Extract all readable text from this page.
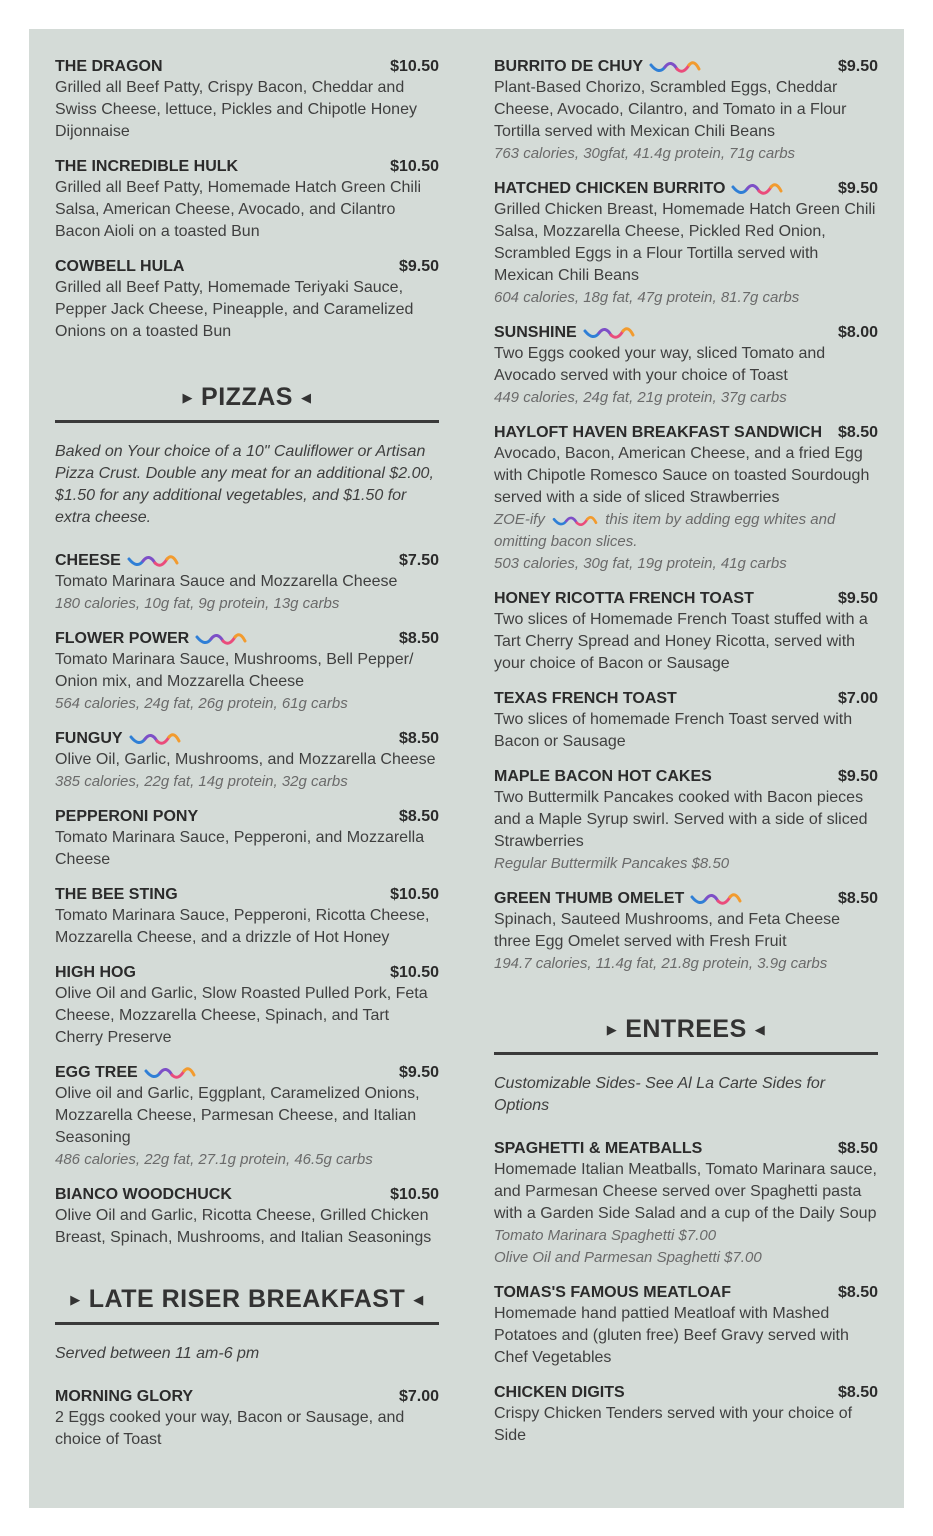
THE DRAGON	$10.50
Grilled all Beef Patty, Crispy Bacon, Cheddar and Swiss Cheese, lettuce, Pickles and Chipotle Honey Dijonnaise
THE INCREDIBLE HULK	$10.50
Grilled all Beef Patty, Homemade Hatch Green Chili Salsa, American Cheese, Avocado, and Cilantro Bacon Aioli on a toasted Bun
COWBELL HULA	$9.50
Grilled all Beef Patty, Homemade Teriyaki Sauce, Pepper Jack Cheese, Pineapple, and Caramelized Onions on a toasted Bun
▶ PIZZAS ◀
Baked on Your choice of a 10" Cauliflower or Artisan Pizza Crust. Double any meat for an additional $2.00, $1.50 for any additional vegetables, and $1.50 for extra cheese.
CHEESE	$7.50
Tomato Marinara Sauce and Mozzarella Cheese
180 calories, 10g fat, 9g protein, 13g carbs
FLOWER POWER	$8.50
Tomato Marinara Sauce, Mushrooms, Bell Pepper/ Onion mix, and Mozzarella Cheese
564 calories, 24g fat, 26g protein, 61g carbs
FUNGUY	$8.50
Olive Oil, Garlic, Mushrooms, and Mozzarella Cheese
385 calories, 22g fat, 14g protein, 32g carbs
PEPPERONI PONY	$8.50
Tomato Marinara Sauce, Pepperoni, and Mozzarella Cheese
THE BEE STING	$10.50
Tomato Marinara Sauce, Pepperoni, Ricotta Cheese, Mozzarella Cheese, and a drizzle of Hot Honey
HIGH HOG	$10.50
Olive Oil and Garlic, Slow Roasted Pulled Pork, Feta Cheese, Mozzarella Cheese, Spinach, and Tart Cherry Preserve
EGG TREE	$9.50
Olive oil and Garlic, Eggplant, Caramelized Onions, Mozzarella Cheese, Parmesan Cheese, and Italian Seasoning
486 calories, 22g fat, 27.1g protein, 46.5g carbs
BIANCO WOODCHUCK	$10.50
Olive Oil and Garlic, Ricotta Cheese, Grilled Chicken Breast, Spinach, Mushrooms, and Italian Seasonings
▶ LATE RISER BREAKFAST ◀
Served between 11 am-6 pm
MORNING GLORY	$7.00
2 Eggs cooked your way, Bacon or Sausage, and choice of Toast
BURRITO DE CHUY	$9.50
Plant-Based Chorizo, Scrambled Eggs, Cheddar Cheese, Avocado, Cilantro, and Tomato in a Flour Tortilla served with Mexican Chili Beans
763 calories, 30gfat, 41.4g protein, 71g carbs
HATCHED CHICKEN BURRITO	$9.50
Grilled Chicken Breast, Homemade Hatch Green Chili Salsa, Mozzarella Cheese, Pickled Red Onion, Scrambled Eggs in a Flour Tortilla served with Mexican Chili Beans
604 calories, 18g fat, 47g protein, 81.7g carbs
SUNSHINE	$8.00
Two Eggs cooked your way, sliced Tomato and Avocado served with your choice of Toast
449 calories, 24g fat, 21g protein, 37g carbs
HAYLOFT HAVEN BREAKFAST SANDWICH $8.50
Avocado, Bacon, American Cheese, and a fried Egg with Chipotle Romesco Sauce on toasted Sourdough served with a side of sliced Strawberries
ZOE-ify	this item by adding egg whites and omitting bacon slices.
503 calories, 30g fat, 19g protein, 41g carbs
HONEY RICOTTA FRENCH TOAST	$9.50
Two slices of Homemade French Toast stuffed with a Tart Cherry Spread and Honey Ricotta, served with your choice of Bacon or Sausage
TEXAS FRENCH TOAST	$7.00
Two slices of homemade French Toast served with Bacon or Sausage
MAPLE BACON HOT CAKES	$9.50
Two Buttermilk Pancakes cooked with Bacon pieces and a Maple Syrup swirl. Served with a side of sliced Strawberries
Regular Buttermilk Pancakes $8.50
GREEN THUMB OMELET	$8.50
Spinach, Sauteed Mushrooms, and Feta Cheese three Egg Omelet served with Fresh Fruit
194.7 calories, 11.4g fat, 21.8g protein, 3.9g carbs
▶ ENTREES ◀
Customizable Sides- See Al La Carte Sides for Options
SPAGHETTI & MEATBALLS	$8.50
Homemade Italian Meatballs, Tomato Marinara sauce, and Parmesan Cheese served over Spaghetti pasta with a Garden Side Salad and a cup of the Daily Soup
Tomato Marinara Spaghetti $7.00
Olive Oil and Parmesan Spaghetti $7.00
TOMAS'S FAMOUS MEATLOAF	$8.50
Homemade hand pattied Meatloaf with Mashed Potatoes and (gluten free) Beef Gravy served with Chef Vegetables
CHICKEN DIGITS	$8.50
Crispy Chicken Tenders served with your choice of Side
